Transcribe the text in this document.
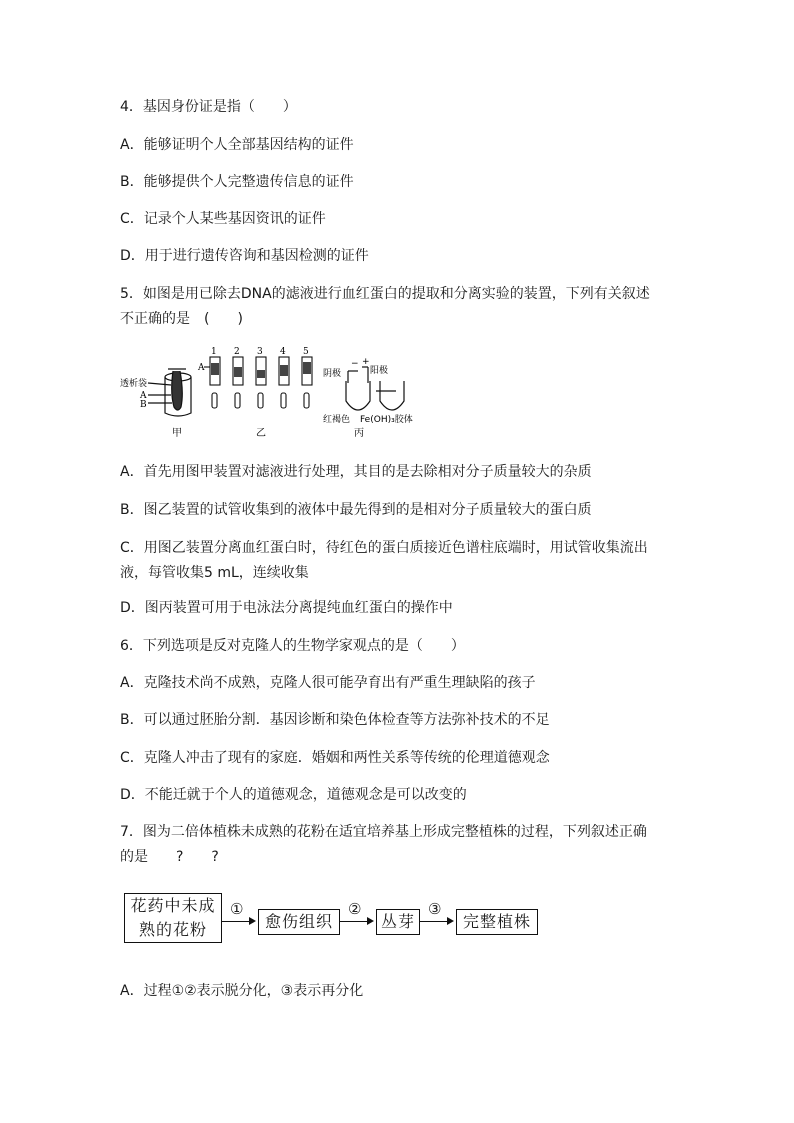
4．基因身份证是指（　　）
A．能够证明个人全部基因结构的证件
B．能够提供个人完整遗传信息的证件
C．记录个人某些基因资讯的证件
D．用于进行遗传咨询和基因检测的证件
5．如图是用已除去DNA的滤液进行血红蛋白的提取和分离实验的装置，下列有关叙述
不正确的是　(　　)
透析袋
A
B
甲
A
1 2 3 4 5
乙
阴极	阳极
− +
红褐色 Fe(OH)₃胶体
丙
A．首先用图甲装置对滤液进行处理，其目的是去除相对分子质量较大的杂质
B．图乙装置的试管收集到的液体中最先得到的是相对分子质量较大的蛋白质
C．用图乙装置分离血红蛋白时，待红色的蛋白质接近色谱柱底端时，用试管收集流出
液，每管收集5 mL，连续收集
D．图丙装置可用于电泳法分离提纯血红蛋白的操作中
6．下列选项是反对克隆人的生物学家观点的是（　　）
A．克隆技术尚不成熟，克隆人很可能孕育出有严重生理缺陷的孩子
B．可以通过胚胎分割．基因诊断和染色体检查等方法弥补技术的不足
C．克隆人冲击了现有的家庭．婚姻和两性关系等传统的伦理道德观念
D．不能迁就于个人的道德观念，道德观念是可以改变的
7．图为二倍体植株未成熟的花粉在适宜培养基上形成完整植株的过程，下列叙述正确
的是　　?　　?
花药中未成
熟的花粉
①
愈伤组织
②
丛芽
③
完整植株
A．过程①②表示脱分化，③表示再分化
